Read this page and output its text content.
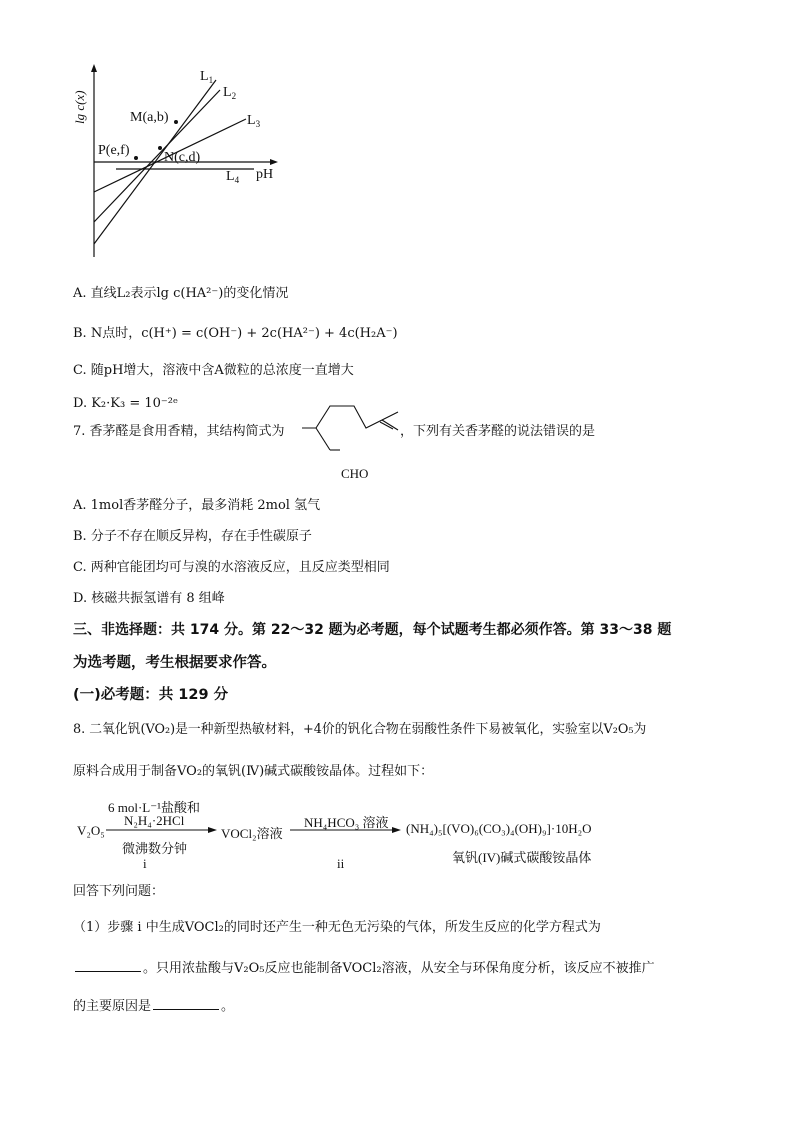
lg c(x)
pH
$L_1$
$L_2$
$L_3$
$L_4$
M(a,b)
P(e,f) N(c,d)
A. 直线L₂表示lg c(HA²⁻)的变化情况
B. N点时，c(H⁺) = c(OH⁻) + 2c(HA²⁻) + 4c(H₂A⁻)
C. 随pH增大，溶液中含A微粒的总浓度一直增大
D. K₂·K₃ = 10⁻²ᵉ
7. 香茅醛是食用香精，其结构简式为
CHO
，下列有关香茅醛的说法错误的是
A. 1mol香茅醛分子，最多消耗 2mol 氢气
B. 分子不存在顺反异构，存在手性碳原子
C. 两种官能团均可与溴的水溶液反应，且反应类型相同
D. 核磁共振氢谱有 8 组峰
三、非选择题：共 174 分。第 22～32 题为必考题，每个试题考生都必须作答。第 33～38 题
为选考题，考生根据要求作答。
(一)必考题：共 129 分
8. 二氧化钒(VO₂)是一种新型热敏材料，+4价的钒化合物在弱酸性条件下易被氧化，实验室以V₂O₅为
原料合成用于制备VO₂的氧钒(Ⅳ)碱式碳酸铵晶体。过程如下：
V₂O₅
6 mol·L⁻¹盐酸和
N₂H₄·2HCl
微沸数分钟
i
VOCl₂溶液
NH₄HCO₃ 溶液
ii
(NH₄)₅[(VO)₆(CO₃)₄(OH)₉]·10H₂O
氧钒(IV)碱式碳酸铵晶体
回答下列问题：
（1）步骤 i 中生成VOCl₂的同时还产生一种无色无污染的气体，所发生反应的化学方程式为
。只用浓盐酸与V₂O₅反应也能制备VOCl₂溶液，从安全与环保角度分析，该反应不被推广
的主要原因是	。
